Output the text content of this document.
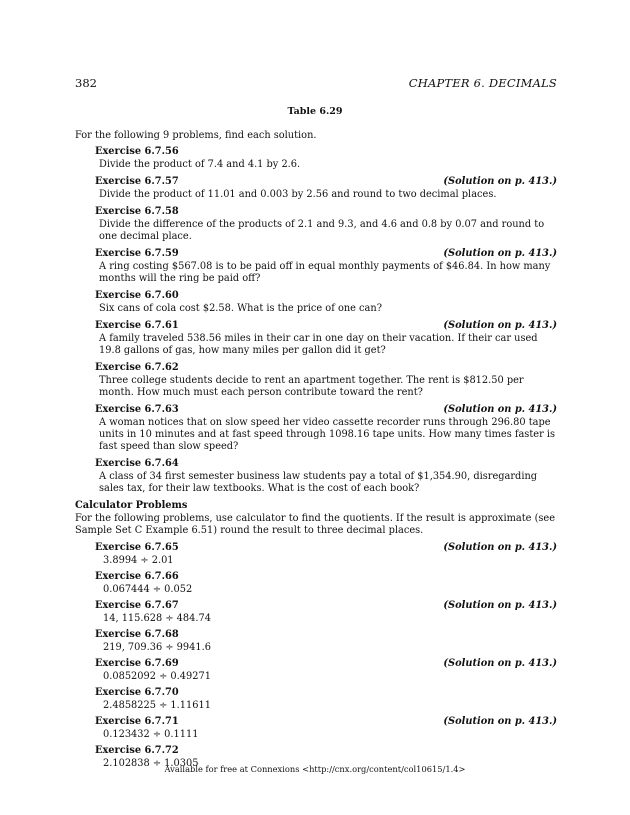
382	CHAPTER 6. DECIMALS
Table 6.29

For the following 9 problems, find each solution.

Exercise 6.7.56
Divide the product of 7.4 and 4.1 by 2.6.
Exercise 6.7.57	(Solution on p. 413.)
Divide the product of 11.01 and 0.003 by 2.56 and round to two decimal places.
Exercise 6.7.58
Divide the difference of the products of 2.1 and 9.3, and 4.6 and 0.8 by 0.07 and round to one decimal place.
Exercise 6.7.59	(Solution on p. 413.)
A ring costing $567.08 is to be paid off in equal monthly payments of $46.84. In how many months will the ring be paid off?
Exercise 6.7.60
Six cans of cola cost $2.58. What is the price of one can?
Exercise 6.7.61	(Solution on p. 413.)
A family traveled 538.56 miles in their car in one day on their vacation. If their car used 19.8 gallons of gas, how many miles per gallon did it get?
Exercise 6.7.62
Three college students decide to rent an apartment together. The rent is $812.50 per month. How much must each person contribute toward the rent?
Exercise 6.7.63	(Solution on p. 413.)
A woman notices that on slow speed her video cassette recorder runs through 296.80 tape units in 10 minutes and at fast speed through 1098.16 tape units. How many times faster is fast speed than slow speed?
Exercise 6.7.64
A class of 34 first semester business law students pay a total of $1,354.90, disregarding sales tax, for their law textbooks. What is the cost of each book?
Calculator Problems

For the following problems, use calculator to find the quotients. If the result is approximate (see Sample Set C Example 6.51) round the result to three decimal places.

Exercise 6.7.65	(Solution on p. 413.)
3.8994 ÷ 2.01
Exercise 6.7.66
0.067444 ÷ 0.052
Exercise 6.7.67	(Solution on p. 413.)
14, 115.628 ÷ 484.74
Exercise 6.7.68
219, 709.36 ÷ 9941.6
Exercise 6.7.69	(Solution on p. 413.)
0.0852092 ÷ 0.49271
Exercise 6.7.70
2.4858225 ÷ 1.11611
Exercise 6.7.71	(Solution on p. 413.)
0.123432 ÷ 0.1111
Exercise 6.7.72
2.102838 ÷ 1.0305
Available for free at Connexions <http://cnx.org/content/col10615/1.4>
